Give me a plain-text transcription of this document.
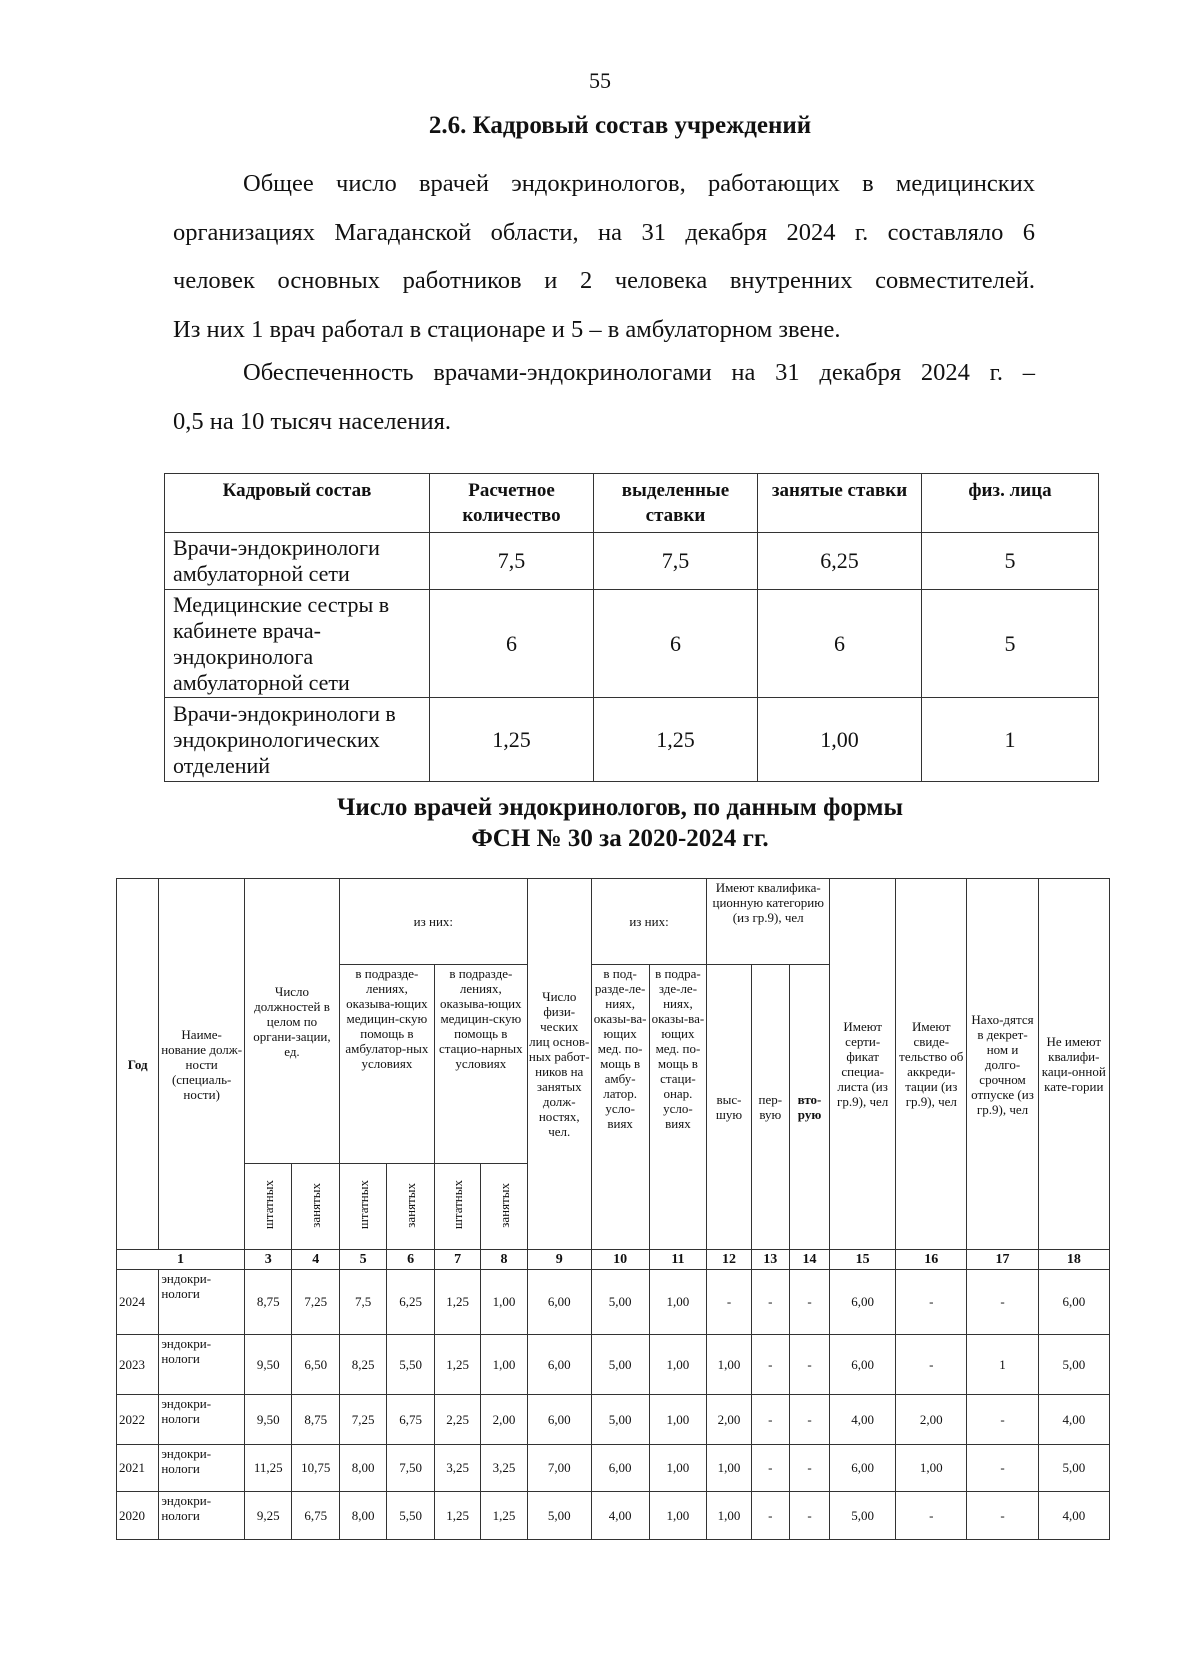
55
2.6. Кадровый состав учреждений
Общее число врачей эндокринологов, работающих в медицинских
организациях Магаданской области, на 31 декабря 2024 г. составляло 6
человек основных работников и 2 человека внутренних совместителей.
Из них 1 врач работал в стационаре и 5 – в амбулаторном звене.
Обеспеченность врачами-эндокринологами на 31 декабря 2024 г. –
0,5 на 10 тысяч населения.
Кадровый состав	Расчетное количество	выделенные ставки	занятые ставки	физ. лица
Врачи-эндокринологи амбулаторной сети	7,5	7,5	6,25	5
Медицинские сестры в кабинете врача-эндокринолога амбулаторной сети	6	6	6	5
Врачи-эндокринологи в эндокринологических отделений	1,25	1,25	1,00	1
Число врачей эндокринологов, по данным формы
ФСН № 30 за 2020-2024 гг.
Год	Наиме-нование долж-ности (специаль-ности)	Число должностей в целом по органи-зации, ед.		из них:				Число физи-ческих лиц основ-ных работ-ников на занятых долж-ностях, чел.	из них:		Имеют квалифика-ционную категорию (из гр.9), чел			Имеют серти-фикат специа-листа (из гр.9), чел	Имеют свиде-тельство об аккреди-тации (из гр.9), чел	Нахо-дятся в декрет-ном и долго-срочном отпуске (из гр.9), чел	Не имеют квалифи-каци-онной кате-гории
				в подразде-лениях, оказыва-ющих медицин-скую помощь в амбулатор-ных условиях		в подразде-лениях, оказыва-ющих медицин-скую помощь в стацио-нарных условиях			в под-разде-ле-ниях, оказы-ва-ющих мед. по-мощь в амбу-латор. усло-виях	в подра-зде-ле-ниях, оказы-ва-ющих мед. по-мощь в стаци-онар. усло-виях	выс-шую	пер-вую	вто-рую				
		штатных	занятых	штатных	занятых	штатных	занятых										
1		3	4	5	6	7	8	9	10	11	12	13	14	15	16	17	18
2024	эндокри-нологи	8,75	7,25	7,5	6,25	1,25	1,00	6,00	5,00	1,00	-	-	-	6,00	-	-	6,00
2023	эндокри-нологи	9,50	6,50	8,25	5,50	1,25	1,00	6,00	5,00	1,00	1,00	-	-	6,00	-	1	5,00
2022	эндокри-нологи	9,50	8,75	7,25	6,75	2,25	2,00	6,00	5,00	1,00	2,00	-	-	4,00	2,00	-	4,00
2021	эндокри-нологи	11,25	10,75	8,00	7,50	3,25	3,25	7,00	6,00	1,00	1,00	-	-	6,00	1,00	-	5,00
2020	эндокри-нологи	9,25	6,75	8,00	5,50	1,25	1,25	5,00	4,00	1,00	1,00	-	-	5,00	-	-	4,00
